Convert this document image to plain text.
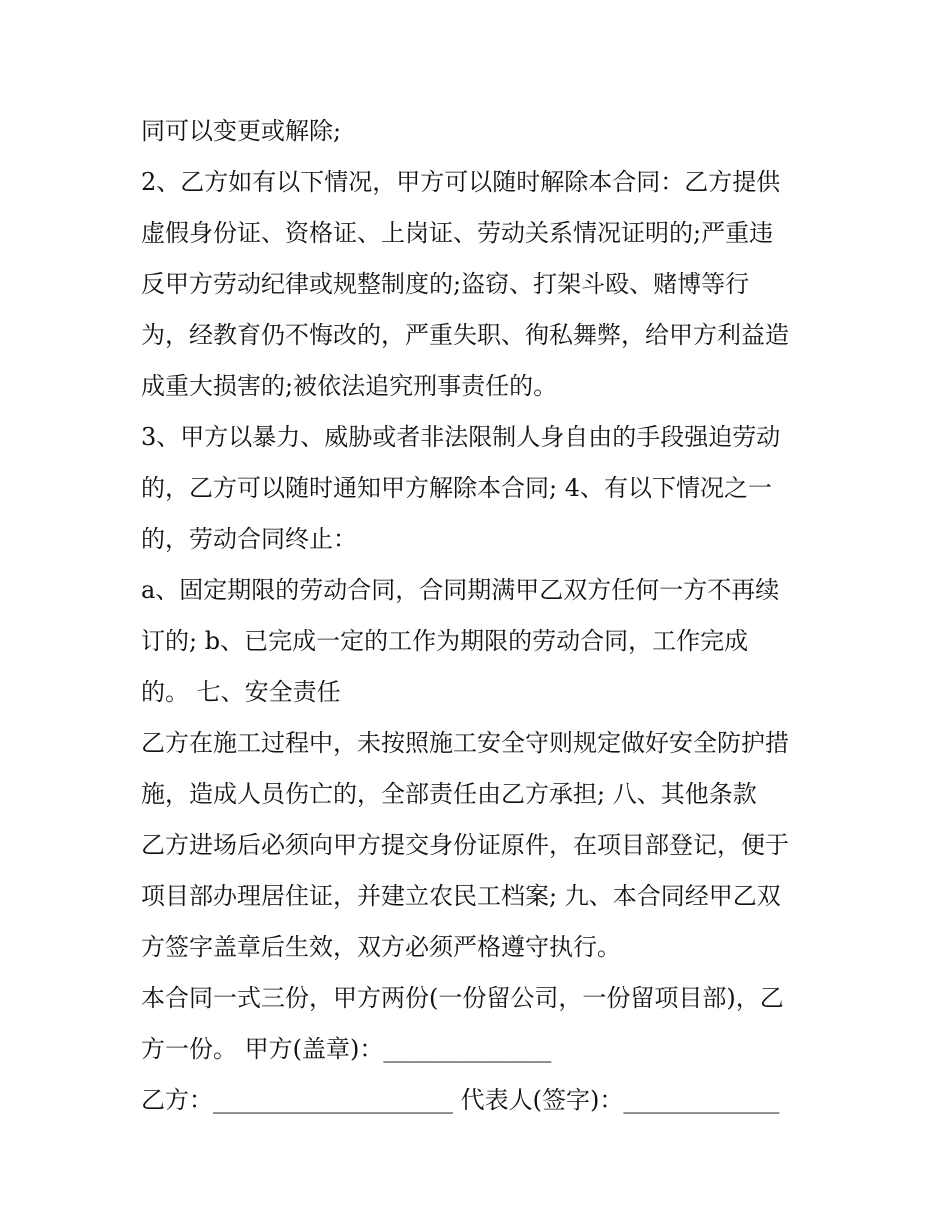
同可以变更或解除;
2、乙方如有以下情况，甲方可以随时解除本合同：乙方提供
虚假身份证、资格证、上岗证、劳动关系情况证明的;严重违
反甲方劳动纪律或规整制度的;盗窃、打架斗殴、赌博等行
为，经教育仍不悔改的，严重失职、徇私舞弊，给甲方利益造
成重大损害的;被依法追究刑事责任的。
3、甲方以暴力、威胁或者非法限制人身自由的手段强迫劳动
的，乙方可以随时通知甲方解除本合同; 4、有以下情况之一
的，劳动合同终止：
a、固定期限的劳动合同，合同期满甲乙双方任何一方不再续
订的; b、已完成一定的工作为期限的劳动合同，工作完成
的。 七、安全责任
乙方在施工过程中，未按照施工安全守则规定做好安全防护措
施，造成人员伤亡的，全部责任由乙方承担; 八、其他条款
乙方进场后必须向甲方提交身份证原件，在项目部登记，便于
项目部办理居住证，并建立农民工档案; 九、本合同经甲乙双
方签字盖章后生效，双方必须严格遵守执行。
本合同一式三份，甲方两份(一份留公司，一份留项目部)，乙
方一份。 甲方(盖章)：______________
乙方：____________________ 代表人(签字)：_____________
